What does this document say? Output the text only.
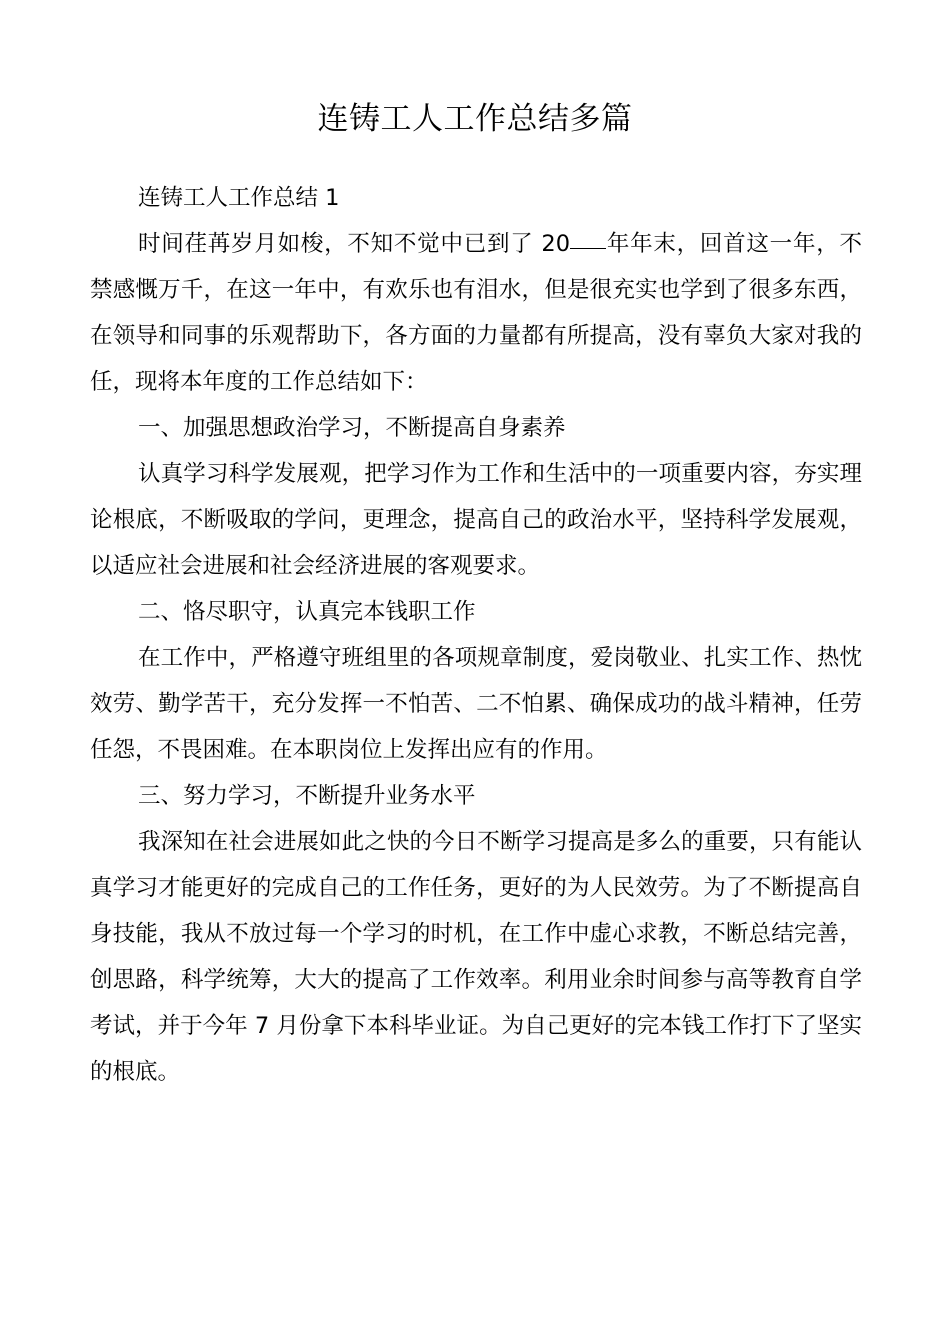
连铸工人工作总结多篇

连铸工人工作总结 1

时间荏苒岁月如梭，不知不觉中已到了 20 年年末，回首这一年，不禁感慨万千，在这一年中，有欢乐也有泪水，但是很充实也学到了很多东西，在领导和同事的乐观帮助下，各方面的力量都有所提高，没有辜负大家对我的任，现将本年度的工作总结如下：

一、加强思想政治学习，不断提高自身素养

认真学习科学发展观，把学习作为工作和生活中的一项重要内容，夯实理论根底，不断吸取的学问，更理念，提高自己的政治水平，坚持科学发展观，以适应社会进展和社会经济进展的客观要求。

二、恪尽职守，认真完本钱职工作

在工作中，严格遵守班组里的各项规章制度，爱岗敬业、扎实工作、热忱效劳、勤学苦干，充分发挥一不怕苦、二不怕累、确保成功的战斗精神，任劳任怨，不畏困难。在本职岗位上发挥出应有的作用。

三、努力学习，不断提升业务水平

我深知在社会进展如此之快的今日不断学习提高是多么的重要，只有能认真学习才能更好的完成自己的工作任务，更好的为人民效劳。为了不断提高自身技能，我从不放过每一个学习的时机，在工作中虚心求教，不断总结完善，创思路，科学统筹，大大的提高了工作效率。利用业余时间参与高等教育自学考试，并于今年 7 月份拿下本科毕业证。为自己更好的完本钱工作打下了坚实的根底。
